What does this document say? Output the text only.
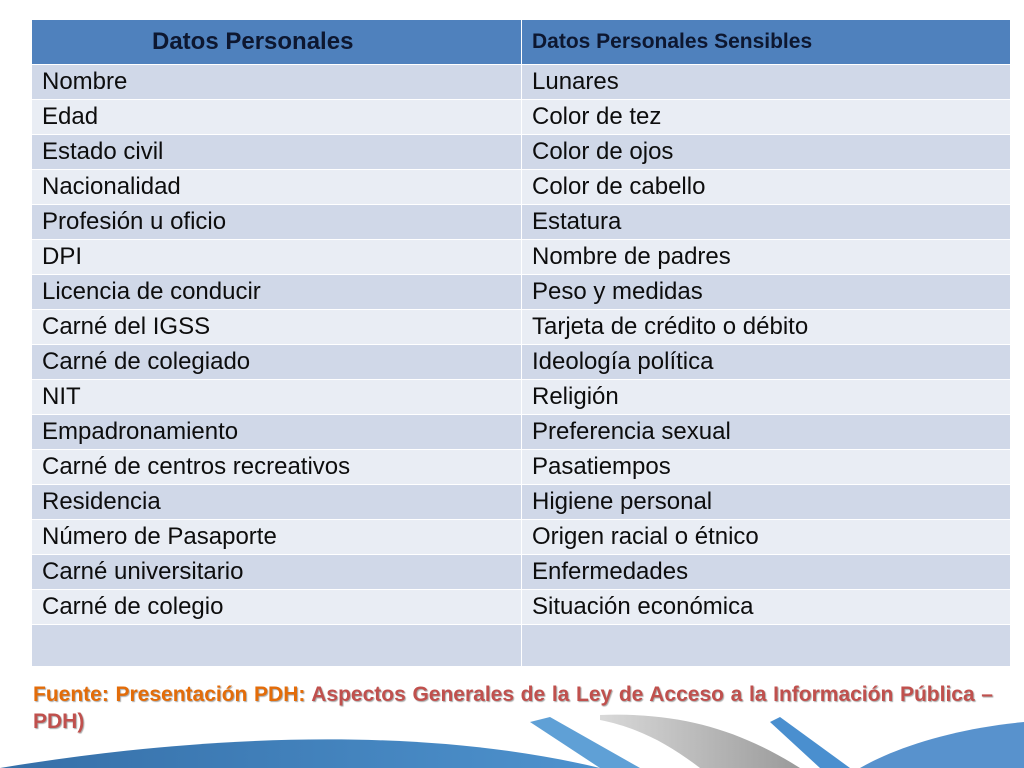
Datos Personales	Datos Personales Sensibles
Nombre	Lunares
Edad	Color de tez
Estado civil	Color de ojos
Nacionalidad	Color de cabello
Profesión u oficio	Estatura
DPI	Nombre de padres
Licencia de conducir	Peso y medidas
Carné del IGSS	Tarjeta de crédito o débito
Carné de colegiado	Ideología política
NIT	Religión
Empadronamiento	Preferencia sexual
Carné de centros recreativos	Pasatiempos
Residencia	Higiene personal
Número de Pasaporte	Origen racial o étnico
Carné universitario	Enfermedades
Carné de colegio	Situación económica

Fuente: Presentación PDH: Aspectos Generales de la Ley de Acceso a la Información Pública – PDH)
